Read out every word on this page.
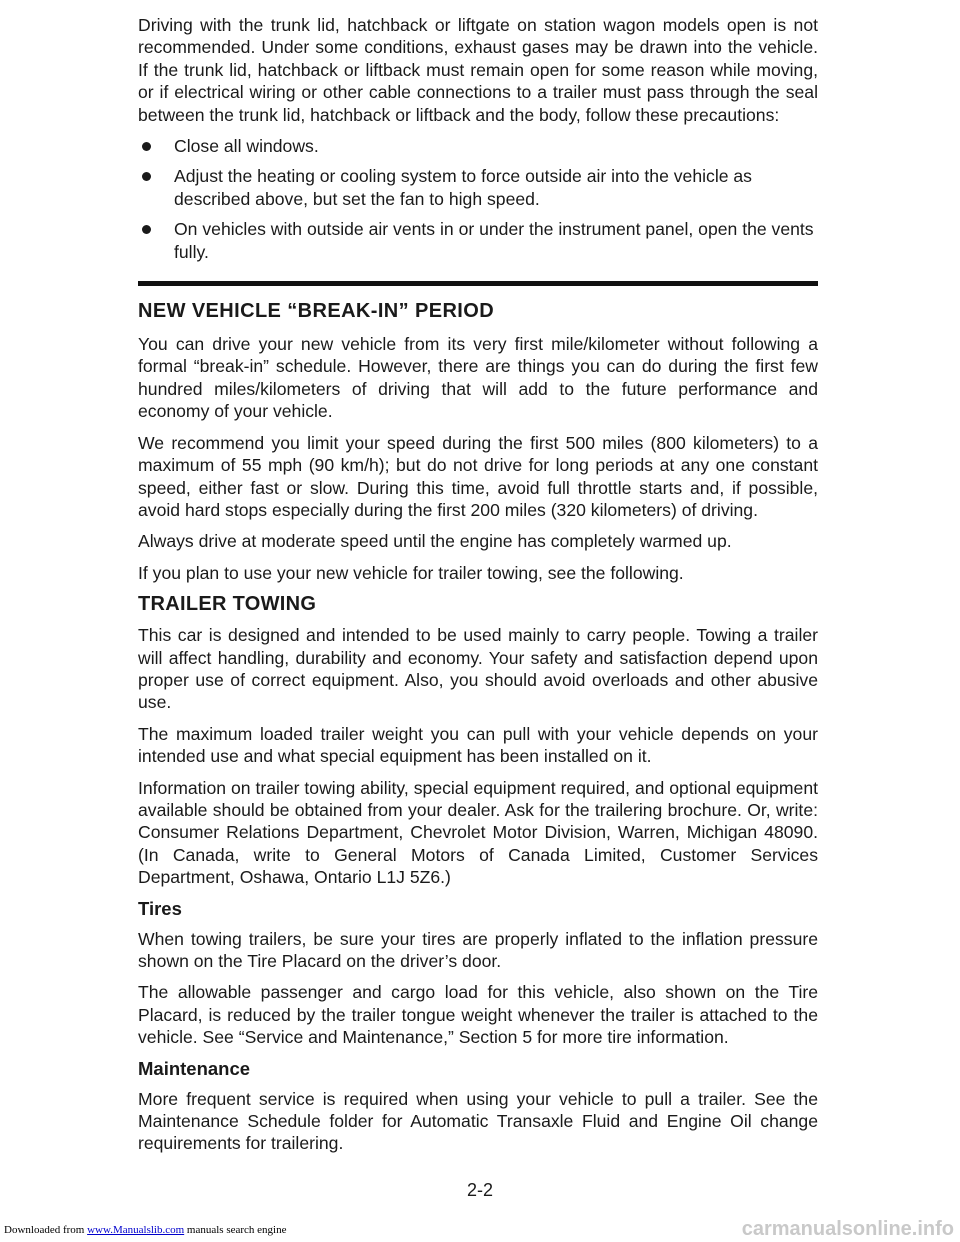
Driving with the trunk lid, hatchback or liftgate on station wagon models open is not recommended. Under some conditions, exhaust gases may be drawn into the vehicle. If the trunk lid, hatchback or liftback must remain open for some reason while moving, or if electrical wiring or other cable connections to a trailer must pass through the seal between the trunk lid, hatchback or liftback and the body, follow these precautions:

Close all windows.
Adjust the heating or cooling system to force outside air into the vehicle as described above, but set the fan to high speed.
On vehicles with outside air vents in or under the instrument panel, open the vents fully.
NEW VEHICLE “BREAK-IN” PERIOD

You can drive your new vehicle from its very first mile/kilometer without following a formal “break-in” schedule. However, there are things you can do during the first few hundred miles/kilometers of driving that will add to the future performance and economy of your vehicle.

We recommend you limit your speed during the first 500 miles (800 kilometers) to a maximum of 55 mph (90 km/h); but do not drive for long periods at any one constant speed, either fast or slow. During this time, avoid full throttle starts and, if possible, avoid hard stops especially during the first 200 miles (320 kilometers) of driving.

Always drive at moderate speed until the engine has completely warmed up.

If you plan to use your new vehicle for trailer towing, see the following.

TRAILER TOWING

This car is designed and intended to be used mainly to carry people. Towing a trailer will affect handling, durability and economy. Your safety and satisfaction depend upon proper use of correct equipment. Also, you should avoid overloads and other abusive use.

The maximum loaded trailer weight you can pull with your vehicle depends on your intended use and what special equipment has been installed on it.

Information on trailer towing ability, special equipment required, and optional equipment available should be obtained from your dealer. Ask for the trailering brochure. Or, write: Consumer Relations Department, Chevrolet Motor Division, Warren, Michigan 48090. (In Canada, write to General Motors of Canada Limited, Customer Services Department, Oshawa, Ontario L1J 5Z6.)

Tires

When towing trailers, be sure your tires are properly inflated to the inflation pressure shown on the Tire Placard on the driver’s door.

The allowable passenger and cargo load for this vehicle, also shown on the Tire Placard, is reduced by the trailer tongue weight whenever the trailer is attached to the vehicle. See “Service and Maintenance,” Section 5 for more tire information.

Maintenance

More frequent service is required when using your vehicle to pull a trailer. See the Maintenance Schedule folder for Automatic Transaxle Fluid and Engine Oil change requirements for trailering.

2-2
Downloaded from www.Manualslib.com manuals search engine	carmanualsonline.info
